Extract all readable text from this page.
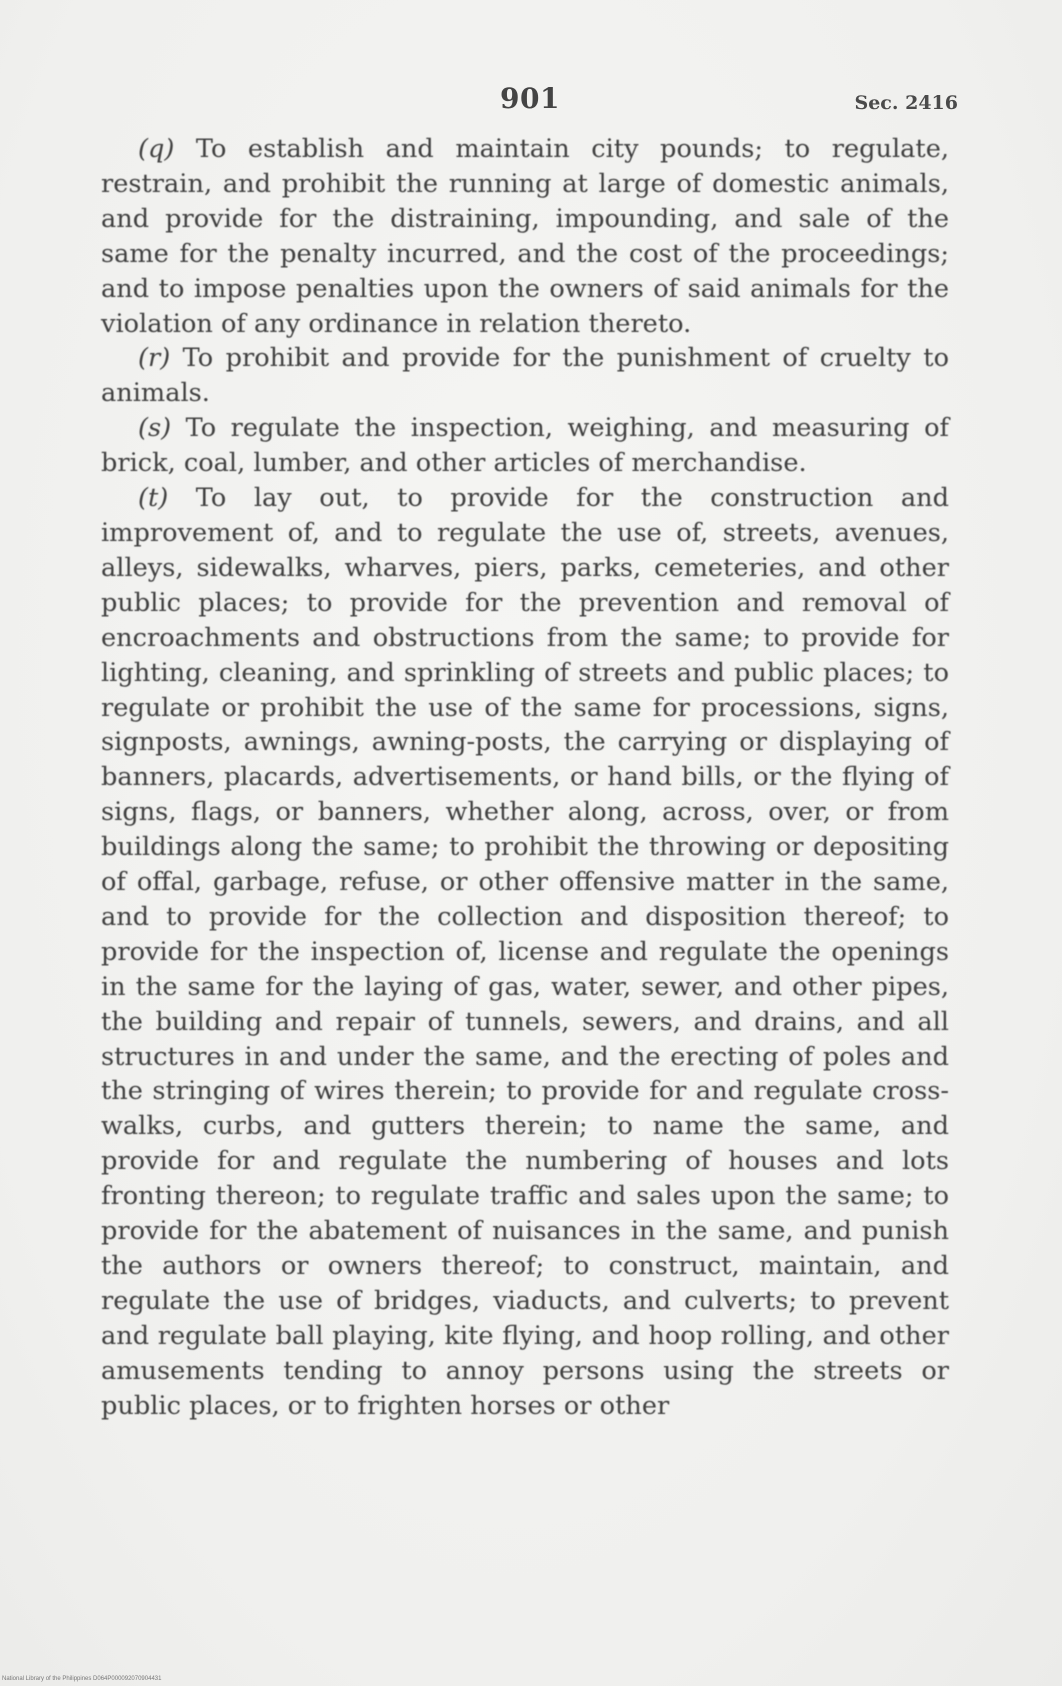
901	Sec. 2416

(q) To establish and maintain city pounds; to regulate, restrain, and prohibit the running at large of domestic animals, and provide for the distraining, impounding, and sale of the same for the penalty incurred, and the cost of the proceedings; and to impose penalties upon the owners of said animals for the violation of any ordinance in relation thereto.

(r) To prohibit and provide for the punishment of cruelty to animals.

(s) To regulate the inspection, weighing, and measuring of brick, coal, lumber, and other articles of merchandise.

(t) To lay out, to provide for the construction and improvement of, and to regulate the use of, streets, avenues, alleys, sidewalks, wharves, piers, parks, cemeteries, and other public places; to provide for the prevention and removal of encroachments and obstructions from the same; to provide for lighting, cleaning, and sprinkling of streets and public places; to regulate or prohibit the use of the same for processions, signs, signposts, awnings, awning-posts, the carrying or displaying of banners, placards, advertisements, or hand bills, or the flying of signs, flags, or banners, whether along, across, over, or from buildings along the same; to prohibit the throwing or depositing of offal, garbage, refuse, or other offensive matter in the same, and to provide for the collection and disposition thereof; to provide for the inspection of, license and regulate the openings in the same for the laying of gas, water, sewer, and other pipes, the building and repair of tunnels, sewers, and drains, and all structures in and under the same, and the erecting of poles and the stringing of wires therein; to provide for and regulate cross-walks, curbs, and gutters therein; to name the same, and provide for and regulate the numbering of houses and lots fronting thereon; to regulate traffic and sales upon the same; to provide for the abatement of nuisances in the same, and punish the authors or owners thereof; to construct, maintain, and regulate the use of bridges, viaducts, and culverts; to prevent and regulate ball playing, kite flying, and hoop rolling, and other amusements tending to annoy persons using the streets or public places, or to frighten horses or other

National Library of the Philippines D064P000092070904431
